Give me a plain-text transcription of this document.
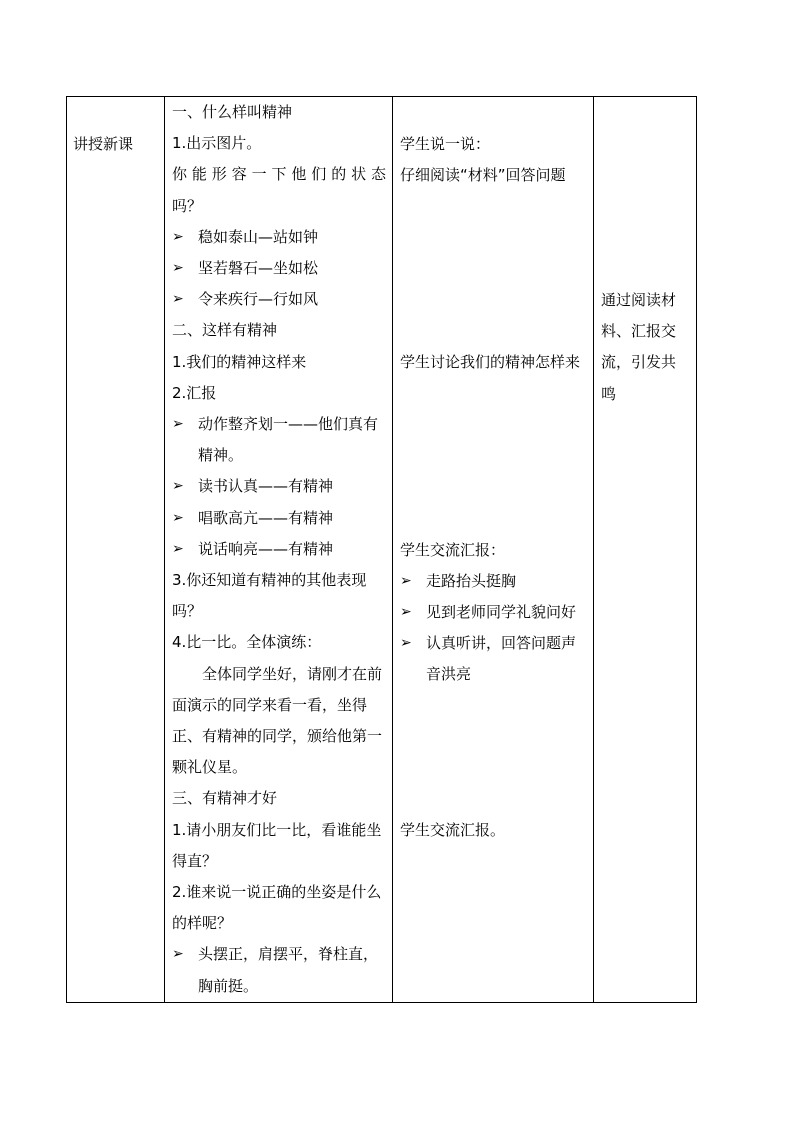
讲授新课

一、什么样叫精神
1.出示图片。
你能形容一下他们的状态
吗？
➢ 稳如泰山—站如钟
➢ 坚若磐石—坐如松
➢ 令来疾行—行如风
二、这样有精神
1.我们的精神这样来
2.汇报
➢ 动作整齐划一——他们真有精神。
➢ 读书认真——有精神
➢ 唱歌高亢——有精神
➢ 说话响亮——有精神
3.你还知道有精神的其他表现吗？
4.比一比。全体演练：
全体同学坐好，请刚才在前面演示的同学来看一看，坐得正、有精神的同学，颁给他第一颗礼仪星。
三、有精神才好
1.请小朋友们比一比，看谁能坐得直？
2.谁来说一说正确的坐姿是什么的样呢？
➢ 头摆正，肩摆平，脊柱直，胸前挺。

学生说一说：
仔细阅读“材料”回答问题
学生讨论我们的精神怎样来
学生交流汇报：
➢ 走路抬头挺胸
➢ 见到老师同学礼貌问好
➢ 认真听讲，回答问题声音洪亮
学生交流汇报。

通过阅读材料、汇报交流，引发共鸣
